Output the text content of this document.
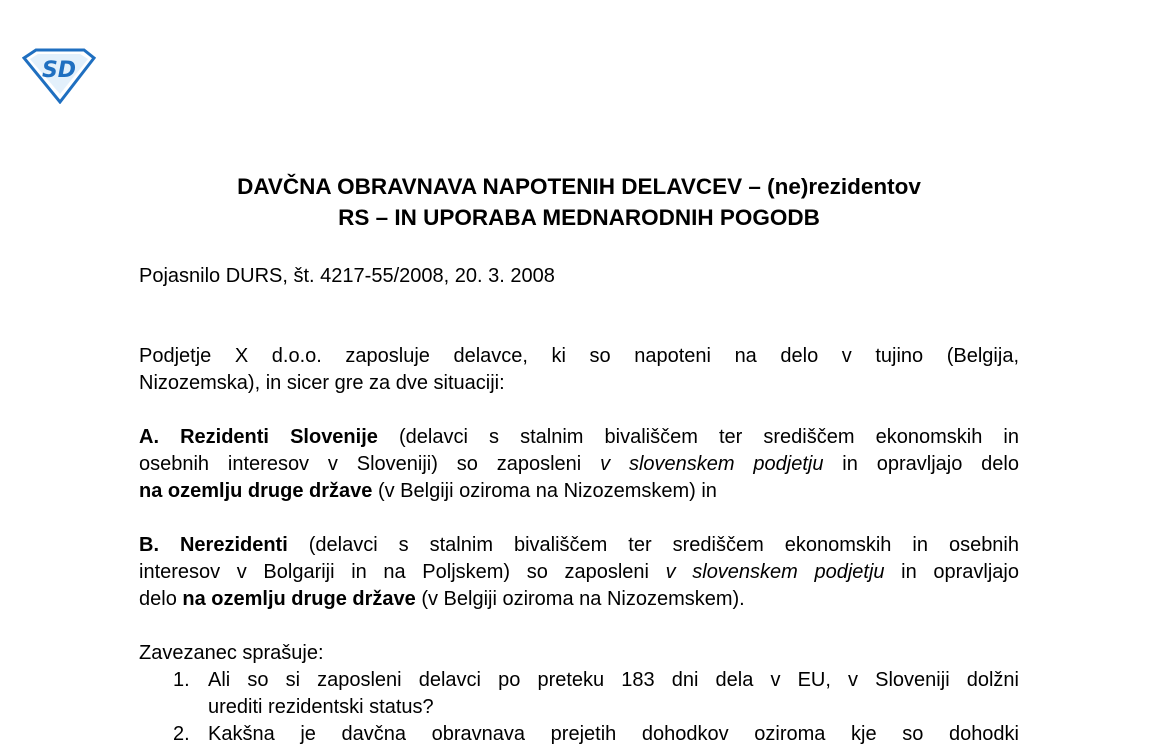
SD
DAVČNA OBRAVNAVA NAPOTENIH DELAVCEV – (ne)rezidentov
RS – IN UPORABA MEDNARODNIH POGODB
Pojasnilo DURS, št. 4217-55/2008, 20. 3. 2008
Podjetje X d.o.o. zaposluje delavce, ki so napoteni na delo v tujino (Belgija,
Nizozemska), in sicer gre za dve situaciji:
A. Rezidenti Slovenije (delavci s stalnim bivališčem ter središčem ekonomskih in
osebnih interesov v Sloveniji) so zaposleni v slovenskem podjetju in opravljajo delo
na ozemlju druge države (v Belgiji oziroma na Nizozemskem) in
B. Nerezidenti (delavci s stalnim bivališčem ter središčem ekonomskih in osebnih
interesov v Bolgariji in na Poljskem) so zaposleni v slovenskem podjetju in opravljajo
delo na ozemlju druge države (v Belgiji oziroma na Nizozemskem).
Zavezanec sprašuje:
1. Ali so si zaposleni delavci po preteku 183 dni dela v EU, v Sloveniji dolžni
urediti rezidentski status?
2. Kakšna je davčna obravnava prejetih dohodkov oziroma kje so dohodki
